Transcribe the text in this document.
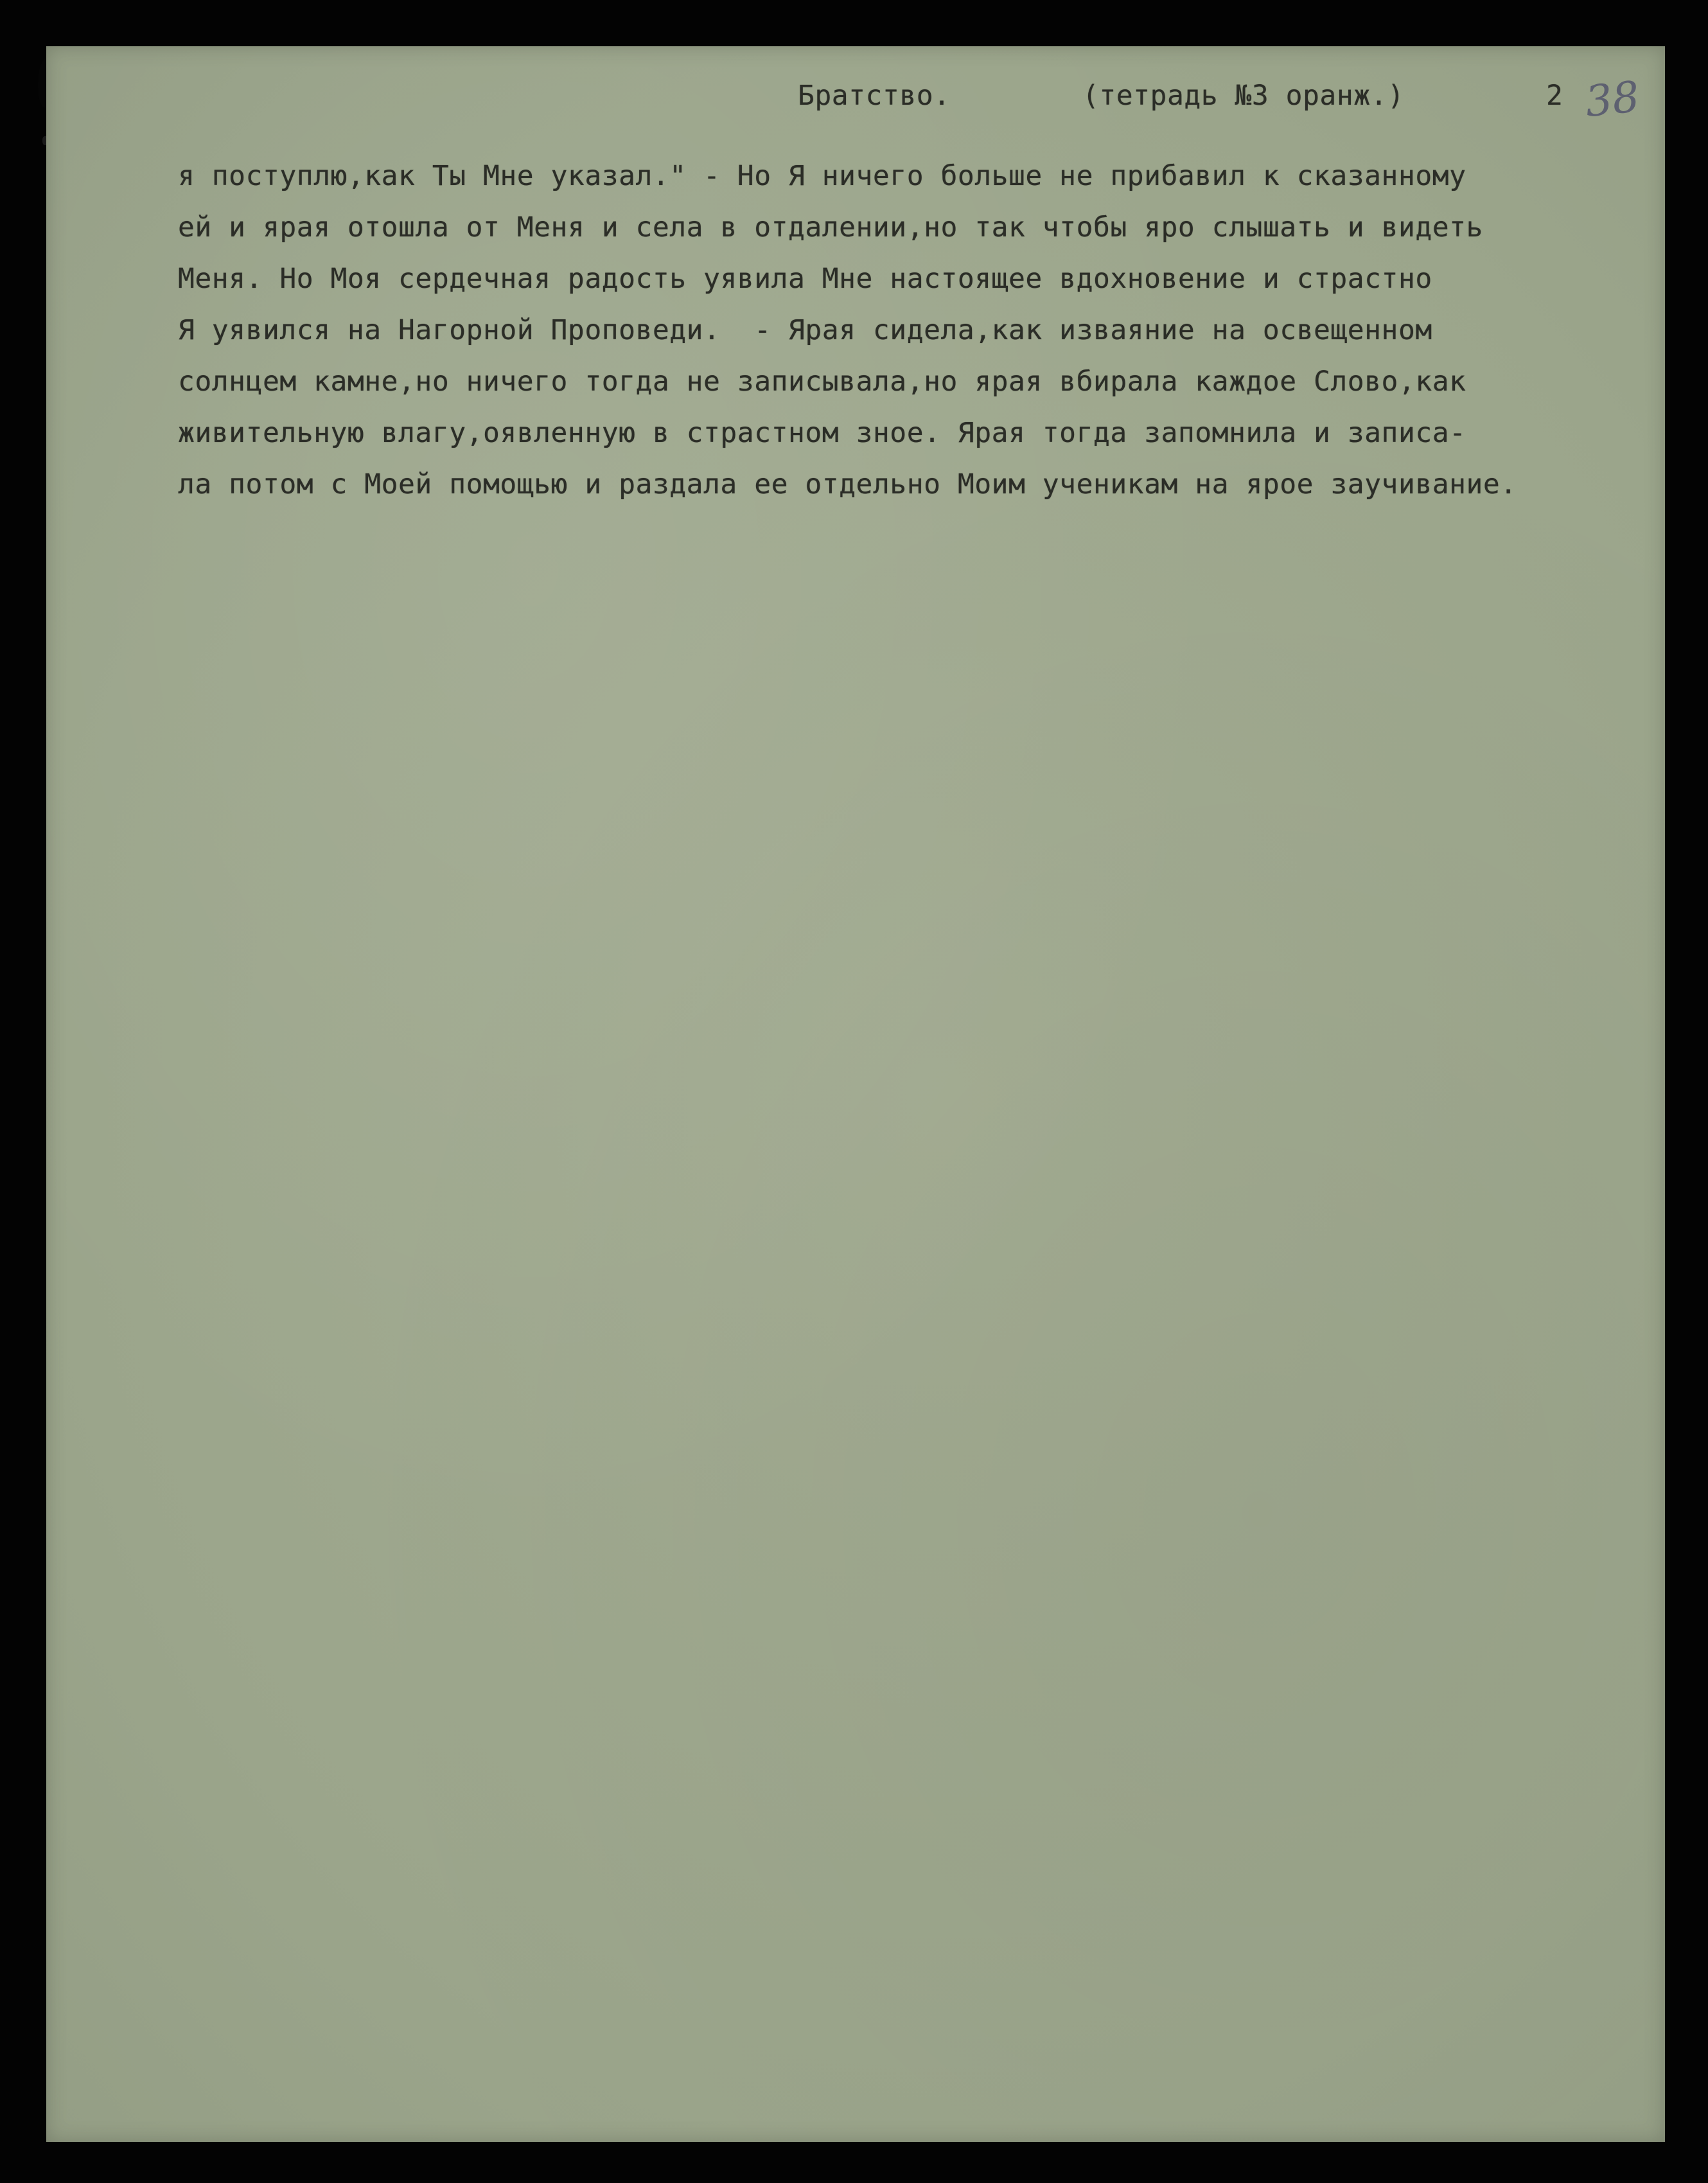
Братство.	(тетрадь №3 оранж.)	2 38
я поступлю,как Ты Мне указал." - Но Я ничего больше не прибавил к сказанному
ей и ярая отошла от Меня и села в отдалении,но так чтобы яро слышать и видеть
Меня. Но Моя сердечная радость уявила Мне настоящее вдохновение и страстно
Я уявился на Нагорной Проповеди.  - Ярая сидела,как изваяние на освещенном
солнцем камне,но ничего тогда не записывала,но ярая вбирала каждое Слово,как
живительную влагу,оявленную в страстном зное. Ярая тогда запомнила и записа-
ла потом с Моей помощью и раздала ее отдельно Моим ученикам на ярое заучивание.
